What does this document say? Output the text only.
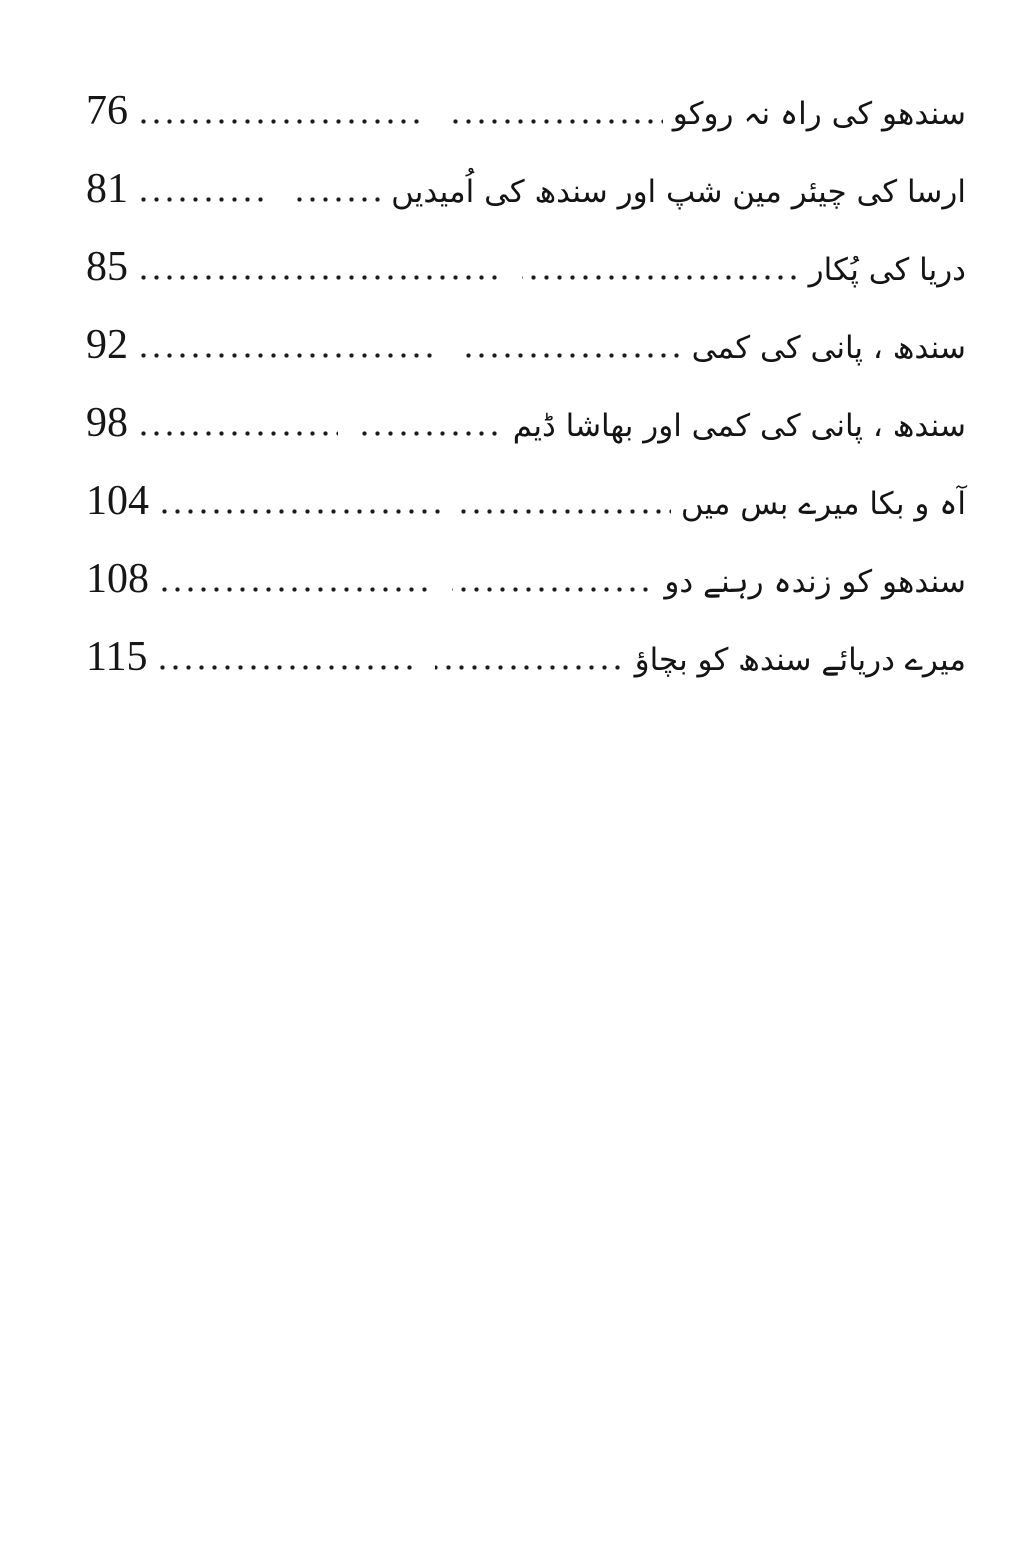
76	سندھو کی راہ نہ روکو
81	ارسا کی چیئر مین شپ اور سندھ کی اُمیدیں
85	دریا کی پُکار
92	سندھ ، پانی کی کمی
98	سندھ ، پانی کی کمی اور بھاشا ڈیم
104	آہ و بکا میرے بس میں
108	سندھو کو زندہ رہنے دو
115	میرے دریائے سندھ کو بچاؤ
